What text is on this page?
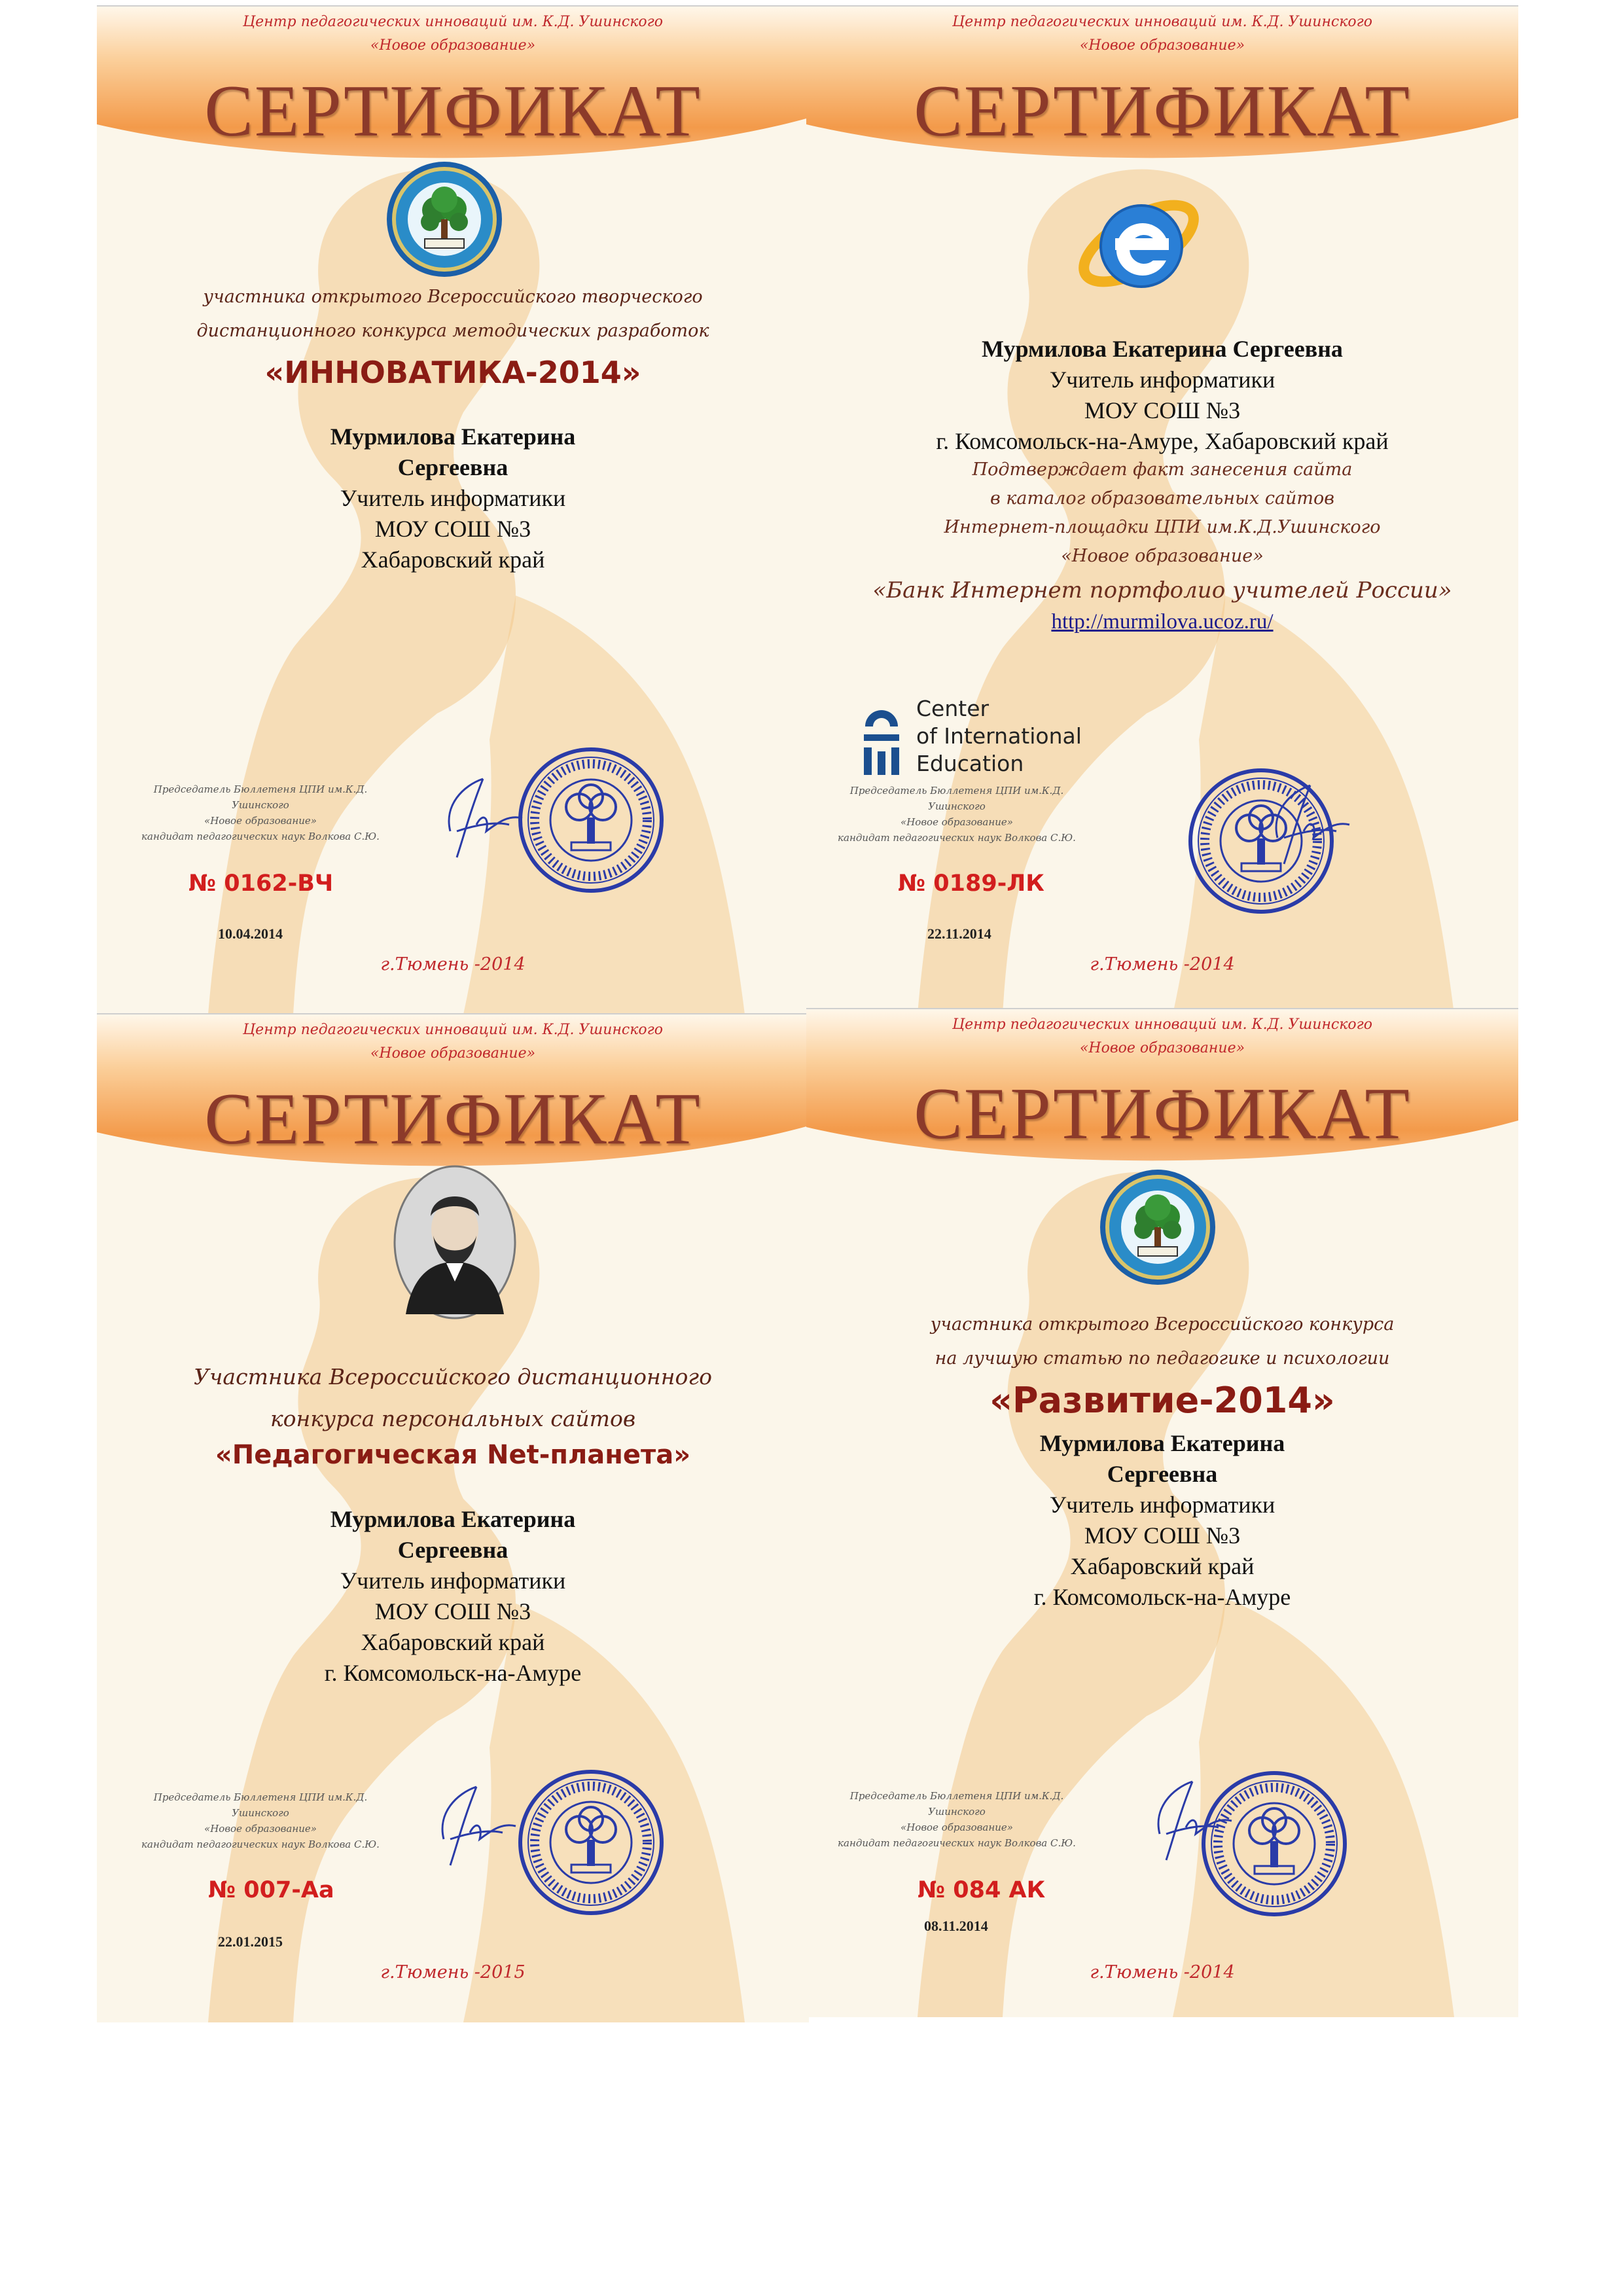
Центр педагогических инноваций им. К.Д. Ушинского
«Новое образование»
СЕРТИФИКАТ
участника открытого Всероссийского творческого
дистанционного конкурса методических разработок
«ИННОВАТИКА-2014»
Мурмилова Екатерина
Сергеевна
Учитель информатики
МОУ СОШ №3
Хабаровский край
Председатель Бюллетеня ЦПИ им.К.Д. Ушинского
«Новое образование»
кандидат педагогических наук Волкова С.Ю.
№ 0162-ВЧ
10.04.2014
г.Тюмень -2014
Центр педагогических инноваций им. К.Д. Ушинского
«Новое образование»
СЕРТИФИКАТ
Мурмилова Екатерина Сергеевна
Учитель информатики
МОУ СОШ №3
г. Комсомольск-на-Амуре, Хабаровский край
Подтверждает факт занесения сайта
в каталог образовательных сайтов
Интернет-площадки ЦПИ им.К.Д.Ушинского
«Новое образование»
«Банк Интернет портфолио учителей России»
http://murmilova.ucoz.ru/
Center
of International
Education
Председатель Бюллетеня ЦПИ им.К.Д. Ушинского
«Новое образование»
кандидат педагогических наук Волкова С.Ю.
№ 0189-ЛК
22.11.2014
г.Тюмень -2014
Центр педагогических инноваций им. К.Д. Ушинского
«Новое образование»
СЕРТИФИКАТ
Участника Всероссийского дистанционного
конкурса персональных сайтов
«Педагогическая Net-планета»
Мурмилова Екатерина
Сергеевна
Учитель информатики
МОУ СОШ №3
Хабаровский край
г. Комсомольск-на-Амуре
Председатель Бюллетеня ЦПИ им.К.Д. Ушинского
«Новое образование»
кандидат педагогических наук Волкова С.Ю.
№ 007-Аа
22.01.2015
г.Тюмень -2015
Центр педагогических инноваций им. К.Д. Ушинского
«Новое образование»
СЕРТИФИКАТ
участника открытого Всероссийского конкурса
на лучшую статью по педагогике и психологии
«Развитие-2014»
Мурмилова Екатерина
Сергеевна
Учитель информатики
МОУ СОШ №3
Хабаровский край
г. Комсомольск-на-Амуре
Председатель Бюллетеня ЦПИ им.К.Д. Ушинского
«Новое образование»
кандидат педагогических наук Волкова С.Ю.
№ 084 АК
08.11.2014
г.Тюмень -2014
